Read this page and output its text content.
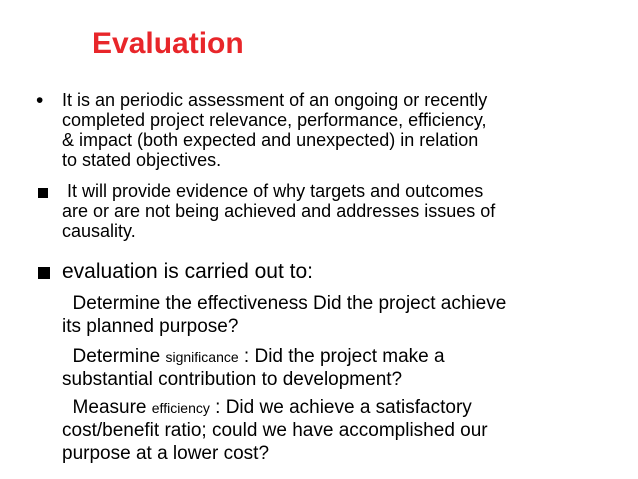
Evaluation
• It is an periodic assessment of an ongoing or recently
completed project relevance, performance, efficiency,
& impact (both expected and unexpected) in relation
to stated objectives.
It will provide evidence of why targets and outcomes
are or are not being achieved and addresses issues of
causality.
evaluation is carried out to:
Determine the effectiveness Did the project achieve
its planned purpose?
Determine significance : Did the project make a
substantial contribution to development?
Measure efficiency : Did we achieve a satisfactory
cost/benefit ratio; could we have accomplished our
purpose at a lower cost?
